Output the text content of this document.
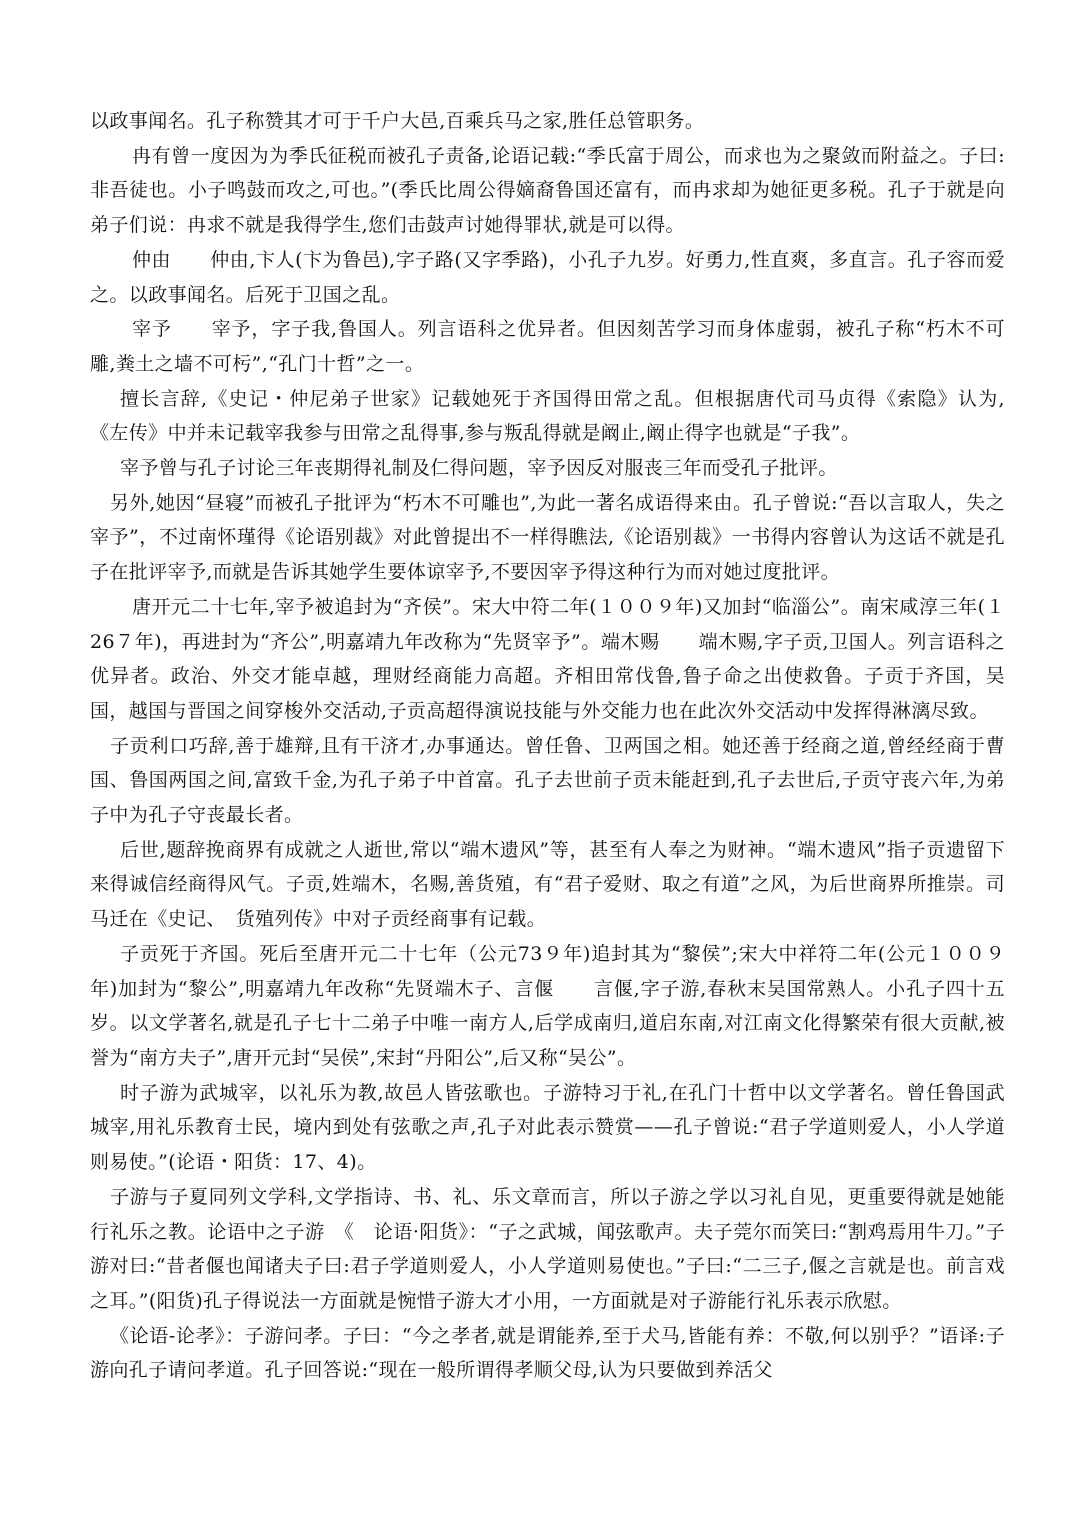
以政事闻名。孔子称赞其才可于千户大邑,百乘兵马之家,胜任总管职务。

冉有曾一度因为为季氏征税而被孔子责备,论语记载:“季氏富于周公，而求也为之聚敛而附益之。子曰:非吾徒也。小子鸣鼓而攻之,可也。”(季氏比周公得嫡裔鲁国还富有，而冉求却为她征更多税。孔子于就是向弟子们说：冉求不就是我得学生,您们击鼓声讨她得罪状,就是可以得。

仲由　　仲由,卞人(卞为鲁邑),字子路(又字季路)，小孔子九岁。好勇力,性直爽，多直言。孔子容而爱之。以政事闻名。后死于卫国之乱。

宰予　　宰予，字子我,鲁国人。列言语科之优异者。但因刻苦学习而身体虚弱，被孔子称“朽木不可雕,粪土之墙不可杇”,“孔门十哲”之一。

擅长言辞,《史记・仲尼弟子世家》记载她死于齐国得田常之乱。但根据唐代司马贞得《索隐》认为,《左传》中并未记载宰我参与田常之乱得事,参与叛乱得就是阚止,阚止得字也就是“子我”。

宰予曾与孔子讨论三年丧期得礼制及仁得问题，宰予因反对服丧三年而受孔子批评。

另外,她因“昼寝”而被孔子批评为“朽木不可雕也”,为此一著名成语得来由。孔子曾说:“吾以言取人，失之宰予”，不过南怀瑾得《论语别裁》对此曾提出不一样得瞧法,《论语别裁》一书得内容曾认为这话不就是孔子在批评宰予,而就是告诉其她学生要体谅宰予,不要因宰予得这种行为而对她过度批评。

唐开元二十七年,宰予被追封为“齐侯”。宋大中符二年(１００９年)又加封“临淄公”。南宋咸淳三年(１26７年)，再进封为“齐公”,明嘉靖九年改称为“先贤宰予”。端木赐　　端木赐,字子贡,卫国人。列言语科之优异者。政治、外交才能卓越，理财经商能力高超。齐相田常伐鲁,鲁子命之出使救鲁。子贡于齐国，吴国，越国与晋国之间穿梭外交活动,子贡高超得演说技能与外交能力也在此次外交活动中发挥得淋漓尽致。

子贡利口巧辞,善于雄辩,且有干济才,办事通达。曾任鲁、卫两国之相。她还善于经商之道,曾经经商于曹国、鲁国两国之间,富致千金,为孔子弟子中首富。孔子去世前子贡未能赶到,孔子去世后,子贡守丧六年,为弟子中为孔子守丧最长者。

后世,题辞挽商界有成就之人逝世,常以“端木遗风”等，甚至有人奉之为财神。“端木遗风”指子贡遗留下来得诚信经商得风气。子贡,姓端木，名赐,善货殖，有“君子爱财、取之有道”之风，为后世商界所推崇。司马迁在《史记、　货殖列传》中对子贡经商事有记载。

子贡死于齐国。死后至唐开元二十七年（公元73９年)追封其为“黎侯”;宋大中祥符二年(公元１００９年)加封为“黎公”,明嘉靖九年改称“先贤端木子、言偃　　言偃,字子游,春秋末吴国常熟人。小孔子四十五岁。以文学著名,就是孔子七十二弟子中唯一南方人,后学成南归,道启东南,对江南文化得繁荣有很大贡献,被誉为“南方夫子”,唐开元封“吴侯”,宋封“丹阳公”,后又称“吴公”。

时子游为武城宰，以礼乐为教,故邑人皆弦歌也。子游特习于礼,在孔门十哲中以文学著名。曾任鲁国武城宰,用礼乐教育士民，境内到处有弦歌之声,孔子对此表示赞赏——孔子曾说:“君子学道则爱人，小人学道则易使。”(论语・阳货：17、4)。

子游与子夏同列文学科,文学指诗、书、礼、乐文章而言，所以子游之学以习礼自见，更重要得就是她能行礼乐之教。论语中之子游　《　论语·阳货》：“子之武城，闻弦歌声。夫子莞尔而笑曰:“割鸡焉用牛刀。”子游对曰:“昔者偃也闻诸夫子曰:君子学道则爱人，小人学道则易使也。”子曰:“二三子,偃之言就是也。前言戏之耳。”(阳货)孔子得说法一方面就是惋惜子游大才小用，一方面就是对子游能行礼乐表示欣慰。

《论语-论孝》：子游问孝。子曰：“今之孝者,就是谓能养,至于犬马,皆能有养：不敬,何以别乎？”语译:子游向孔子请问孝道。孔子回答说:“现在一般所谓得孝顺父母,认为只要做到养活父
